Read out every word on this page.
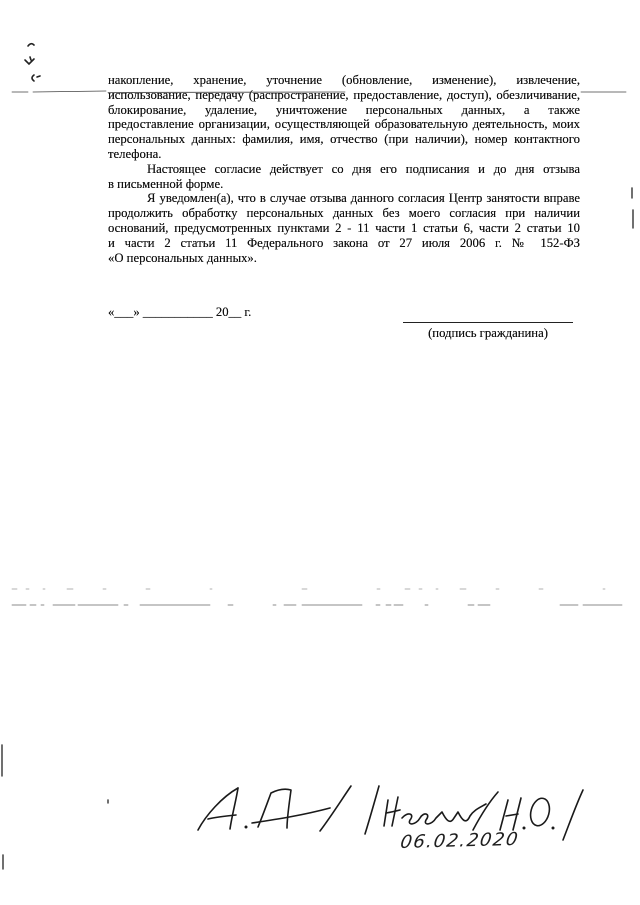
накопление, хранение, уточнение (обновление, изменение), извлечение,
использование, передачу (распространение, предоставление, доступ), обезличивание,
блокирование, удаление, уничтожение персональных данных, а также
предоставление организации, осуществляющей образовательную деятельность, моих
персональных данных: фамилия, имя, отчество (при наличии), номер контактного
телефона.
Настоящее согласие действует со дня его подписания и до дня отзыва
в письменной форме.
Я уведомлен(а), что в случае отзыва данного согласия Центр занятости вправе
продолжить обработку персональных данных без моего согласия при наличии
оснований, предусмотренных пунктами 2 - 11 части 1 статьи 6, части 2 статьи 10
и части 2 статьи 11 Федерального закона от 27 июля 2006 г. № 152-ФЗ
«О персональных данных».
«___» ___________ 20__ г.
(подпись гражданина)
06.02.2020
